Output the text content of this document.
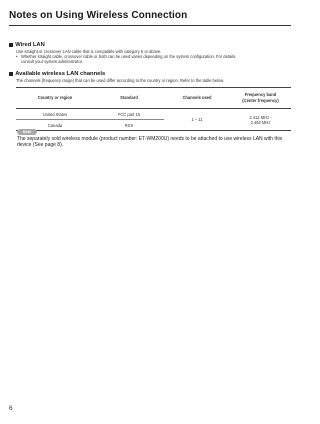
Notes on Using Wireless Connection
Wired LAN
Use straight or crossover LAN cable that is compatible with category 5 or above.
• Whether straight cable, crossover cable or both can be used varies depending on the system configuration. For details,
consult your system administrator.
Available wireless LAN channels
The channels (frequency range) that can be used differ according to the country or region. Refer to the table below.
Country or region	Standard	Channels used	Frequency band
(Center frequency)

United States	FCC part 15	1 – 11	2.412 MHz -
2.462 MHz

Canada	RSS		
Note
The separately sold wireless module (product number: ET-WM200U) needs to be attached to use wireless LAN with this device (See page 8).
6
